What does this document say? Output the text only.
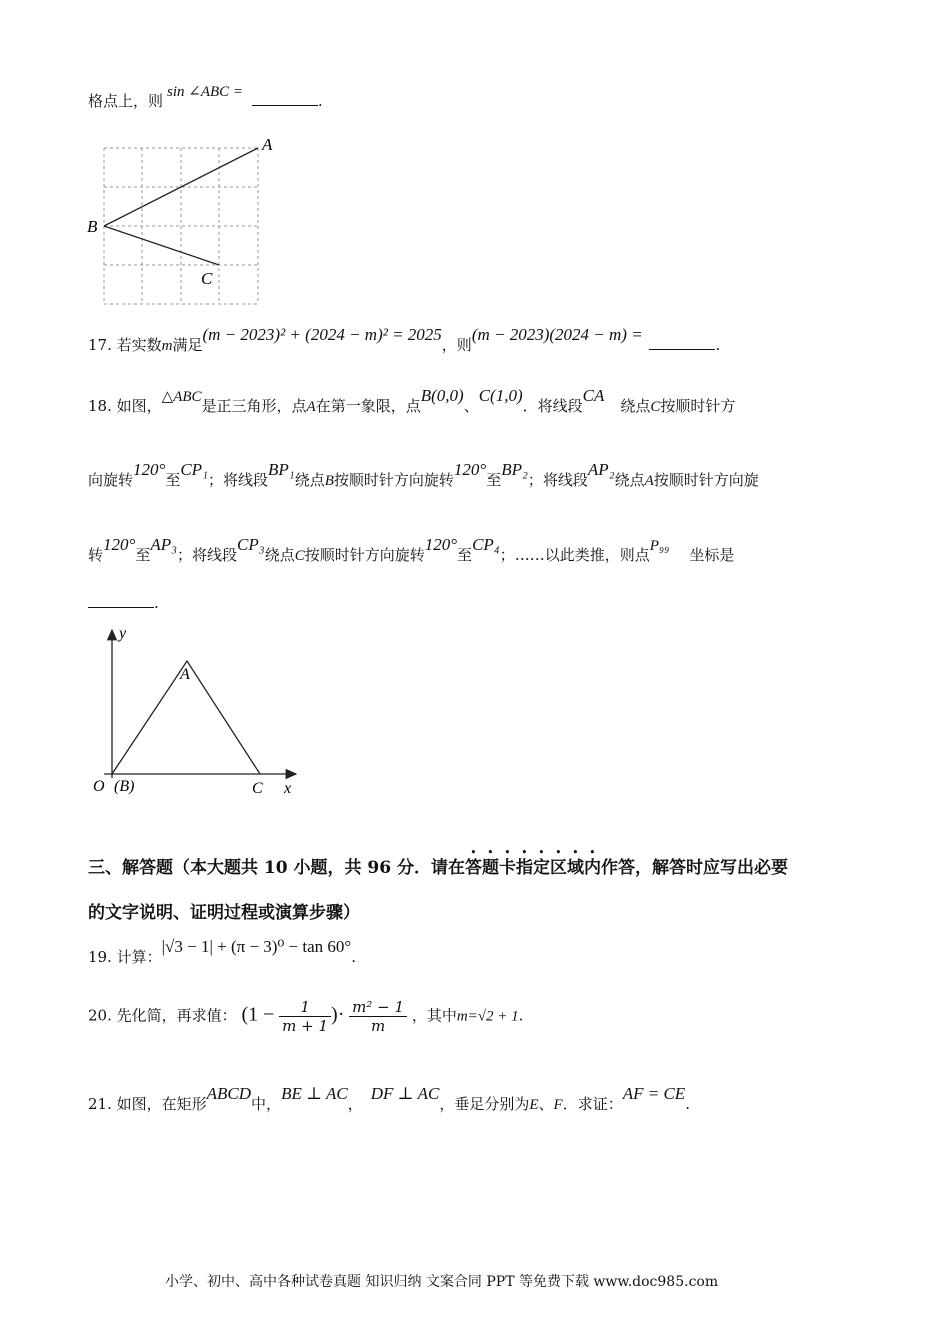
格点上，则 sin ∠ABC =	.
A
B
C
17. 若实数m满足(m − 2023)² + (2024 − m)² = 2025，则(m − 2023)(2024 − m) = .
18. 如图，△ABC是正三角形，点A在第一象限，点B(0,0)、C(1,0)．将线段CA绕点C按顺时针方
向旋转120°至CP₁；将线段BP₁绕点B按顺时针方向旋转120°至BP₂；将线段AP₂绕点A按顺时针方向旋
转120°至AP₃；将线段CP₃绕点C按顺时针方向旋转120°至CP₄；……以此类推，则点P₉₉ 坐标是
.
y
A
O (B)	C x
三、解答题（本大题共 10 小题，共 96 分．请在答题卡指定区域内作答，解答时应写出必要
的文字说明、证明过程或演算步骤）
19. 计算：|√3 − 1| + (π − 3)⁰ − tan 60°.
20. 先化简，再求值： ($1 - \frac{1}{m + 1}$ )· $\frac{\text{m² − 1}}{m}$ ，其中m=√2 + 1.
21. 如图，在矩形ABCD中，BE ⊥ AC，DF ⊥ AC，垂足分别为E、F．求证：AF = CE.
小学、初中、高中各种试卷真题 知识归纳 文案合同 PPT 等免费下载 www.doc985.com
